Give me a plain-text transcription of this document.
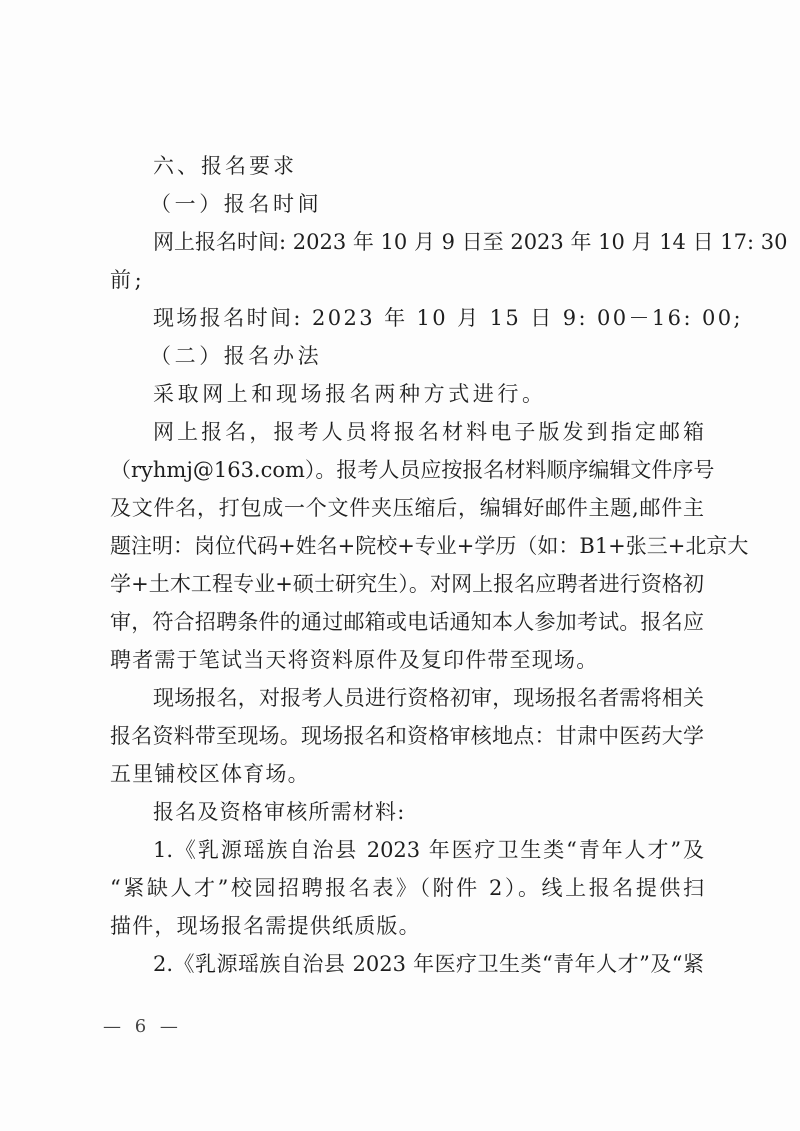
六、报名要求
（一）报名时间
网上报名时间: 2023 年 10 月 9 日至 2023 年 10 月 14 日 17: 30
前;
现场报名时间: 2023 年 10 月 15 日 9: 00－16: 00;
（二）报名办法
采取网上和现场报名两种方式进行。
网上报名，报考人员将报名材料电子版发到指定邮箱
（ryhmj@163.com）。报考人员应按报名材料顺序编辑文件序号
及文件名，打包成一个文件夹压缩后，编辑好邮件主题,邮件主
题注明：岗位代码+姓名+院校+专业+学历（如：B1+张三+北京大
学+土木工程专业+硕士研究生）。对网上报名应聘者进行资格初
审，符合招聘条件的通过邮箱或电话通知本人参加考试。报名应
聘者需于笔试当天将资料原件及复印件带至现场。
现场报名，对报考人员进行资格初审，现场报名者需将相关
报名资料带至现场。现场报名和资格审核地点：甘肃中医药大学
五里铺校区体育场。
报名及资格审核所需材料:
1.《乳源瑶族自治县 2023 年医疗卫生类“青年人才”及
“紧缺人才”校园招聘报名表》（附件 2）。线上报名提供扫
描件，现场报名需提供纸质版。
2.《乳源瑶族自治县 2023 年医疗卫生类“青年人才”及“紧
— 6 —
